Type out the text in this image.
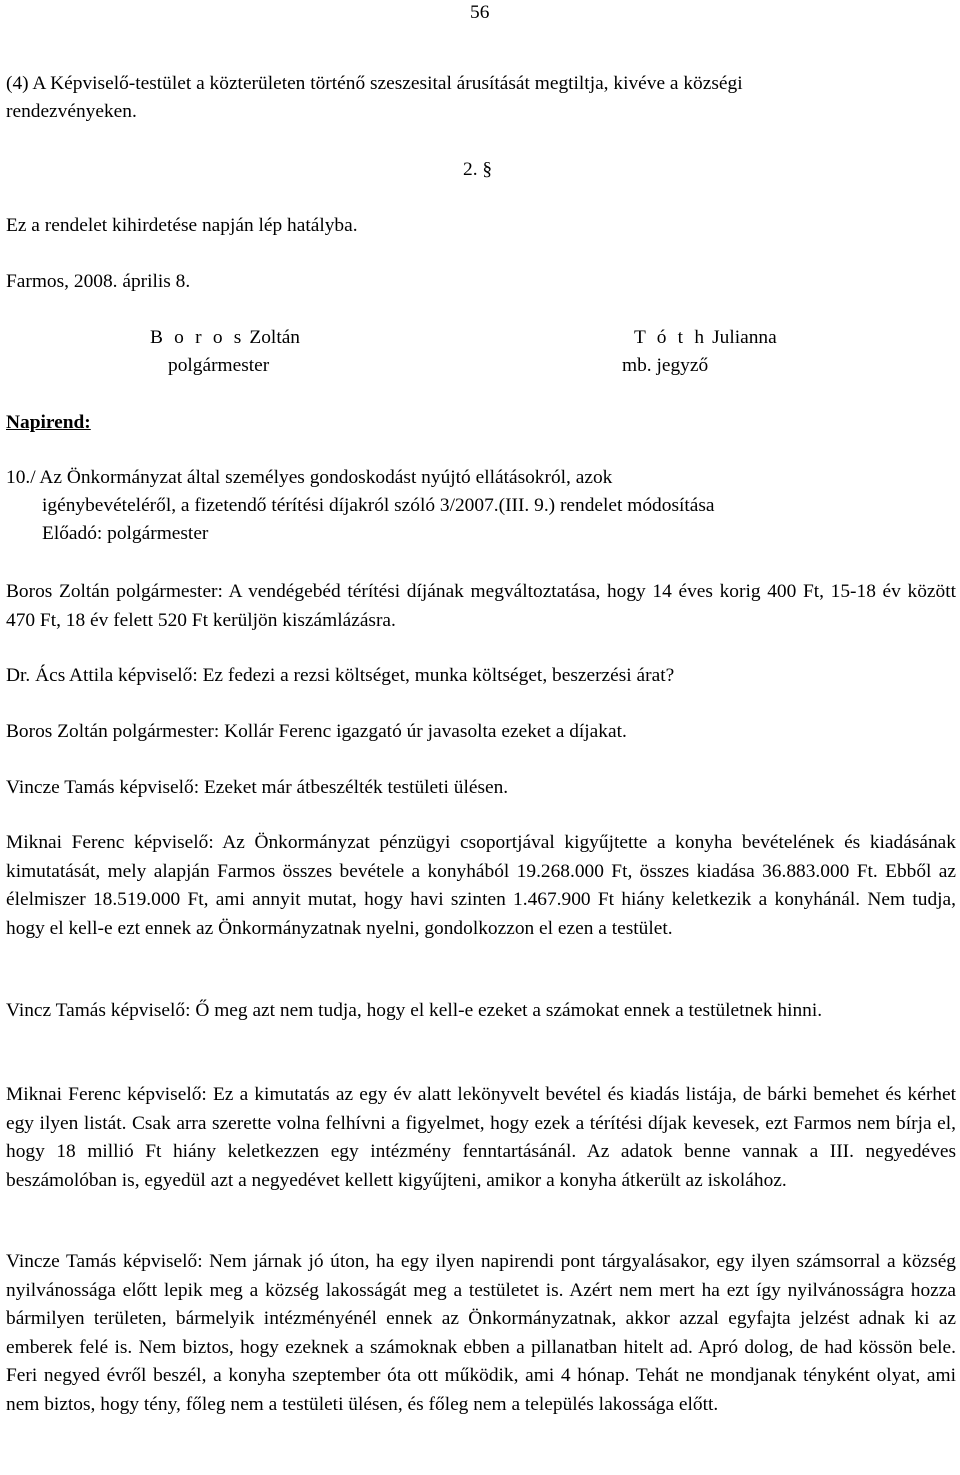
56
(4) A Képviselő-testület a közterületen történő szeszesital árusítását megtiltja, kivéve a községi
rendezvényeken.
2. §
Ez a rendelet kihirdetése napján lép hatályba.
Farmos, 2008. április 8.
B o r o s Zoltán
polgármester
T ó t h Julianna
mb. jegyző
Napirend:
10./ Az Önkormányzat által személyes gondoskodást nyújtó ellátásokról, azok
igénybevételéről, a fizetendő térítési díjakról szóló 3/2007.(III. 9.) rendelet módosítása
Előadó: polgármester
Boros Zoltán polgármester: A vendégebéd térítési díjának megváltoztatása, hogy 14 éves korig 400 Ft, 15-18 év között 470 Ft, 18 év felett 520 Ft kerüljön kiszámlázásra.
Dr. Ács Attila képviselő: Ez fedezi a rezsi költséget, munka költséget, beszerzési árat?
Boros Zoltán polgármester: Kollár Ferenc igazgató úr javasolta ezeket a díjakat.
Vincze Tamás képviselő: Ezeket már átbeszélték testületi ülésen.
Miknai Ferenc képviselő: Az Önkormányzat pénzügyi csoportjával kigyűjtette a konyha bevételének és kiadásának kimutatását, mely alapján Farmos összes bevétele a konyhából 19.268.000 Ft, összes kiadása 36.883.000 Ft. Ebből az élelmiszer 18.519.000 Ft, ami annyit mutat, hogy havi szinten 1.467.900 Ft hiány keletkezik a konyhánál. Nem tudja, hogy el kell-e ezt ennek az Önkormányzatnak nyelni, gondolkozzon el ezen a testület.
Vincz Tamás képviselő: Ő meg azt nem tudja, hogy el kell-e ezeket a számokat ennek a testületnek hinni.
Miknai Ferenc képviselő: Ez a kimutatás az egy év alatt lekönyvelt bevétel és kiadás listája, de bárki bemehet és kérhet egy ilyen listát. Csak arra szerette volna felhívni a figyelmet, hogy ezek a térítési díjak kevesek, ezt Farmos nem bírja el, hogy 18 millió Ft hiány keletkezzen egy intézmény fenntartásánál. Az adatok benne vannak a III. negyedéves beszámolóban is, egyedül azt a negyedévet kellett kigyűjteni, amikor a konyha átkerült az iskolához.
Vincze Tamás képviselő: Nem járnak jó úton, ha egy ilyen napirendi pont tárgyalásakor, egy ilyen számsorral a község nyilvánossága előtt lepik meg a község lakosságát meg a testületet is. Azért nem mert ha ezt így nyilvánosságra hozza bármilyen területen, bármelyik intézményénél ennek az Önkormányzatnak, akkor azzal egyfajta jelzést adnak ki az emberek felé is. Nem biztos, hogy ezeknek a számoknak ebben a pillanatban hitelt ad. Apró dolog, de had kössön bele. Feri negyed évről beszél, a konyha szeptember óta ott működik, ami 4 hónap. Tehát ne mondjanak tényként olyat, ami nem biztos, hogy tény, főleg nem a testületi ülésen, és főleg nem a település lakossága előtt.
